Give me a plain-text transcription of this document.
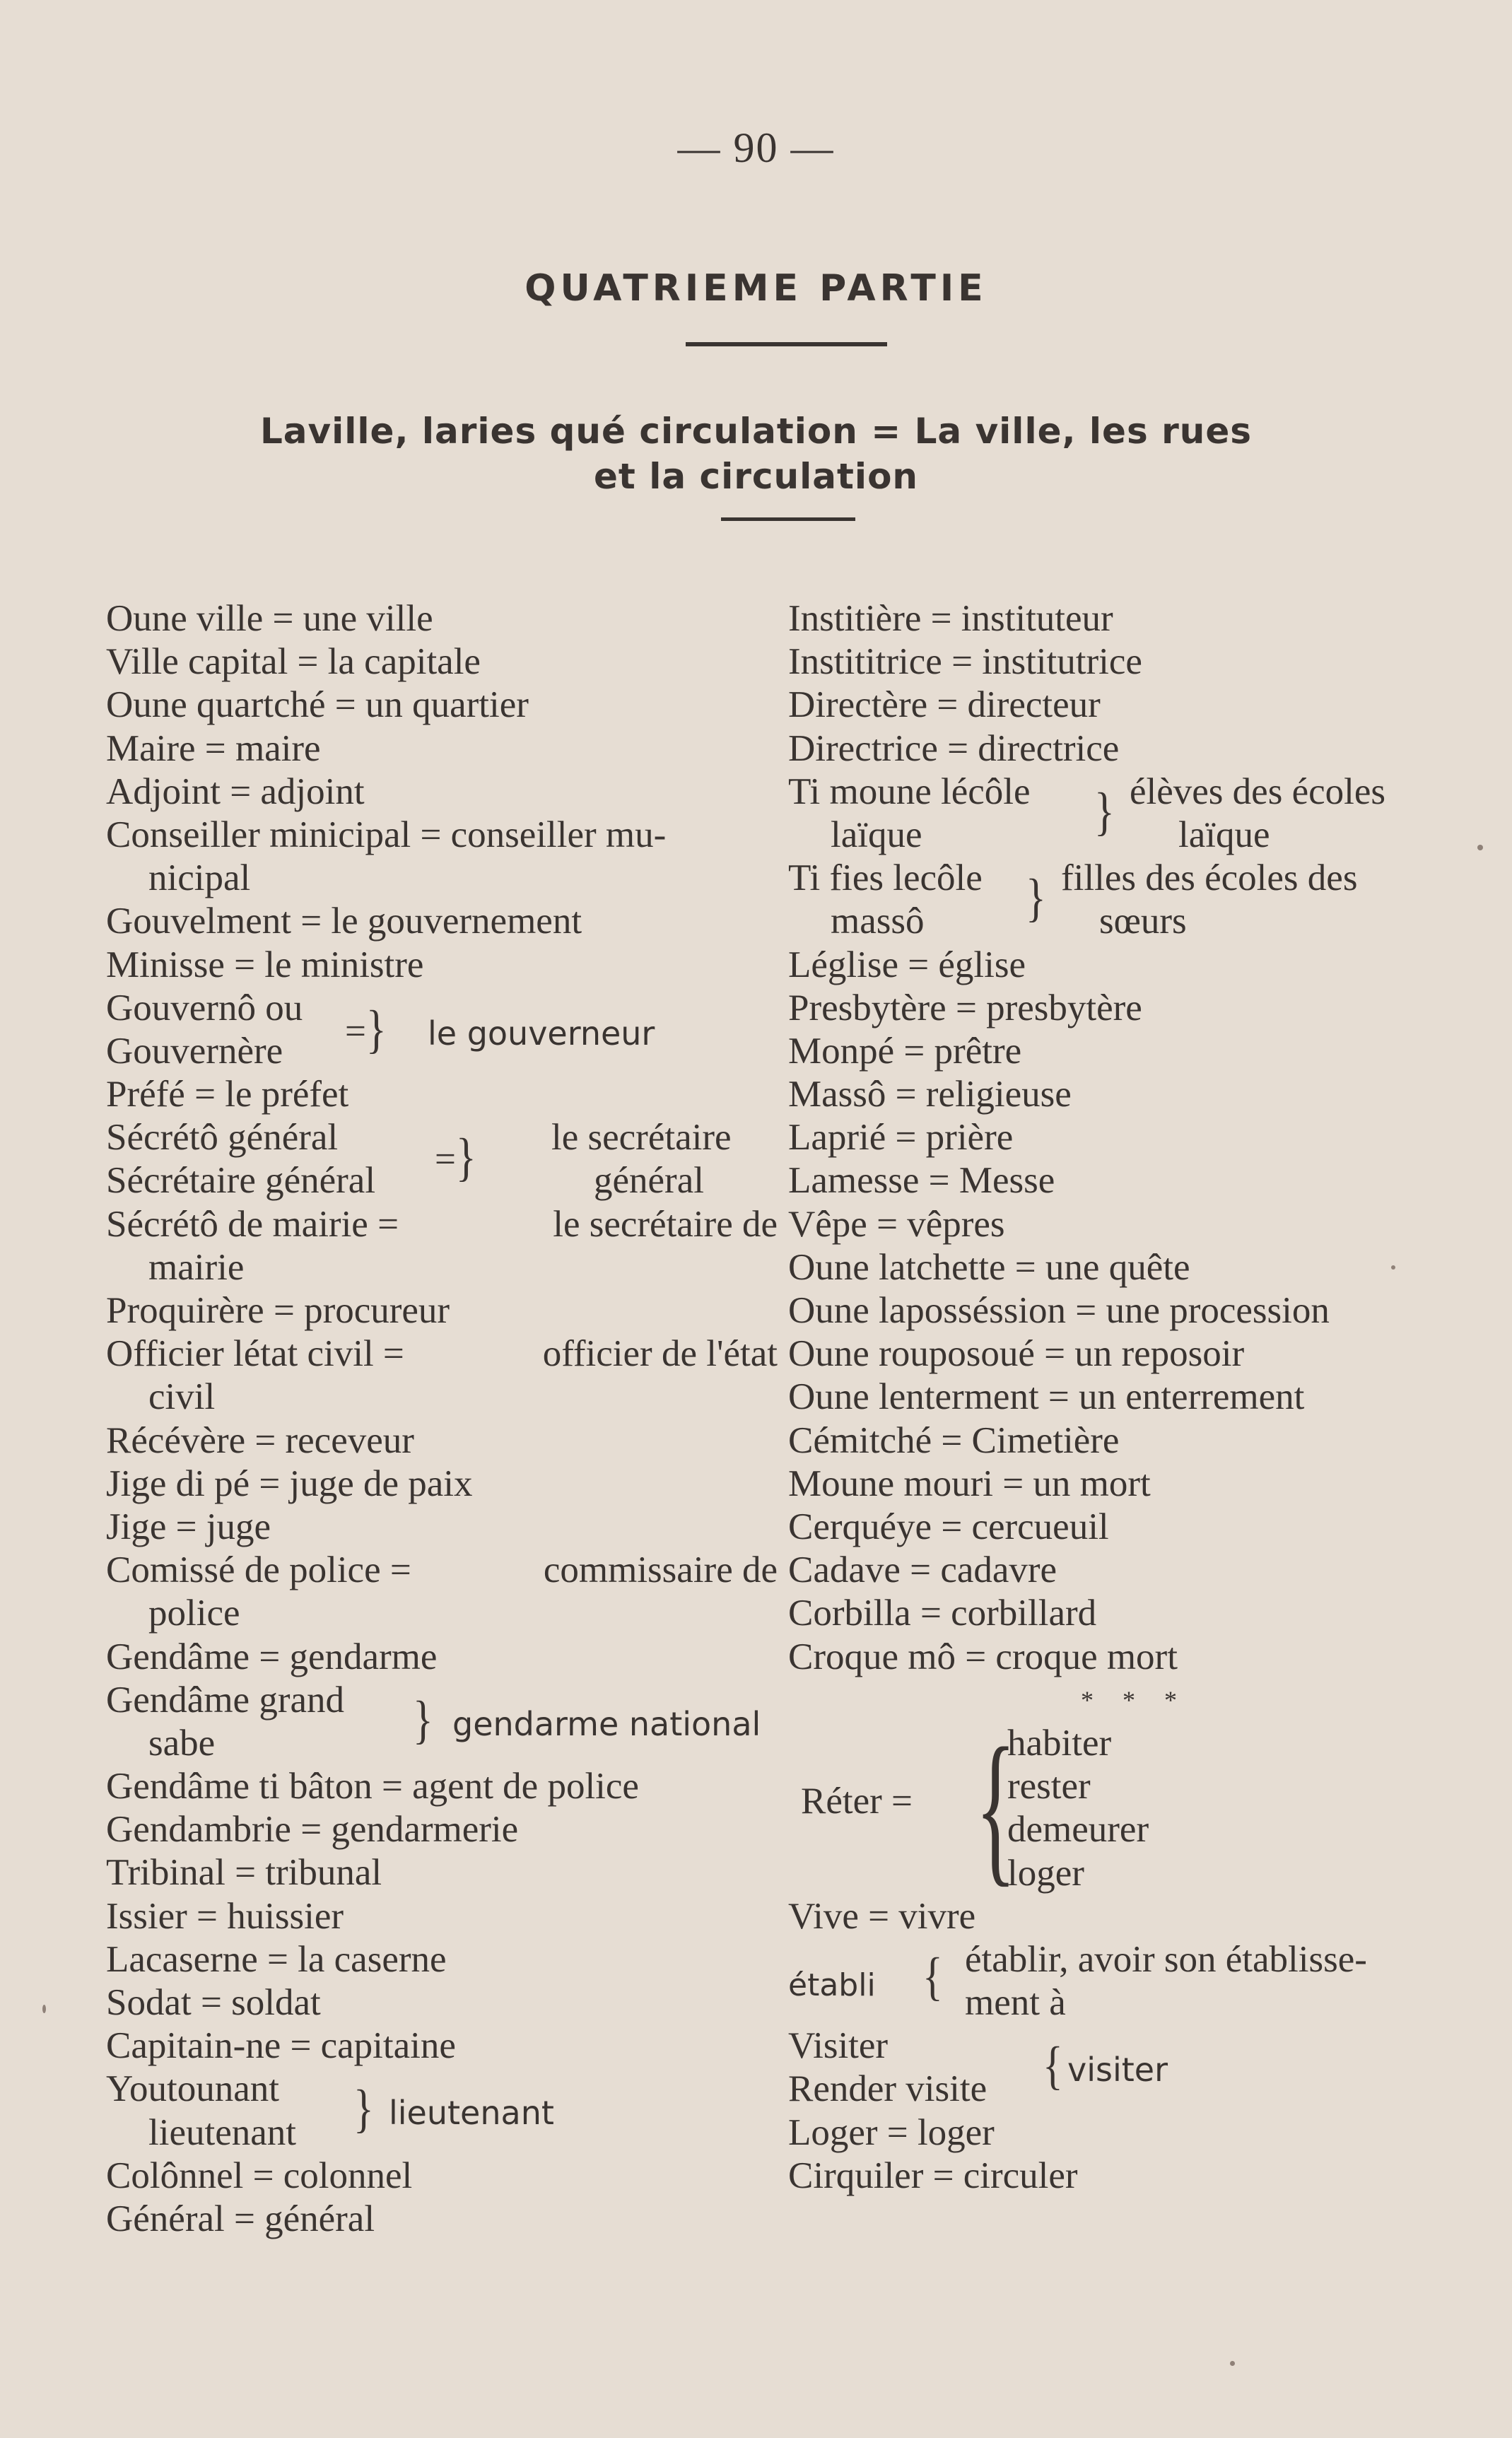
— 90 —
QUATRIEME PARTIE
Laville, laries qué circulation = La ville, les rues
et la circulation
Oune ville = une ville
Ville capital = la capitale
Oune quartché = un quartier
Maire = maire
Adjoint = adjoint
Conseiller minicipal = conseiller mu-
nicipal
Gouvelment = le gouvernement
Minisse = le ministre
Gouvernô ou
Gouvernère =} le gouverneur
Préfé = le préfet
Sécrétô général
Sécrétaire général
=} le secrétaire
général
Sécrétô de mairie =	le secrétaire de
mairie
Proquirère = procureur
Officier létat civil =	officier de l'état
civil
Récévère = receveur
Jige di pé = juge de paix
Jige = juge
Comissé de police =	commissaire de
police
Gendâme = gendarme
Gendâme grand
sabe	} gendarme national
Gendâme ti bâton = agent de police
Gendambrie = gendarmerie
Tribinal = tribunal
Issier = huissier
Lacaserne = la caserne
Sodat = soldat
Capitain-ne = capitaine
Youtounant
lieutenant } lieutenant
Colônnel = colonnel
Général = général
Institière = instituteur
Instititrice = institutrice
Directère = directeur
Directrice = directrice
Ti moune lécôle
laïque	} élèves des écoles
laïque
Ti fies lecôle
massô } filles des écoles des
sœurs
Léglise = église
Presbytère = presbytère
Monpé = prêtre
Massô = religieuse
Laprié = prière
Lamesse = Messe
Vêpe = vêpres
Oune latchette = une quête
Oune laposséssion = une procession
Oune rouposoué = un reposoir
Oune lenterment = un enterrement
Cémitché = Cimetière
Moune mouri = un mort
Cerquéye = cercueuil
Cadave = cadavre
Corbilla = corbillard
Croque mô = croque mort
* * *
Réter = {
habiter
rester
demeurer
loger
Vive = vivre
établi { établir, avoir son établisse-
ment à
Visiter
Render visite { visiter
Loger = loger
Cirquiler = circuler
